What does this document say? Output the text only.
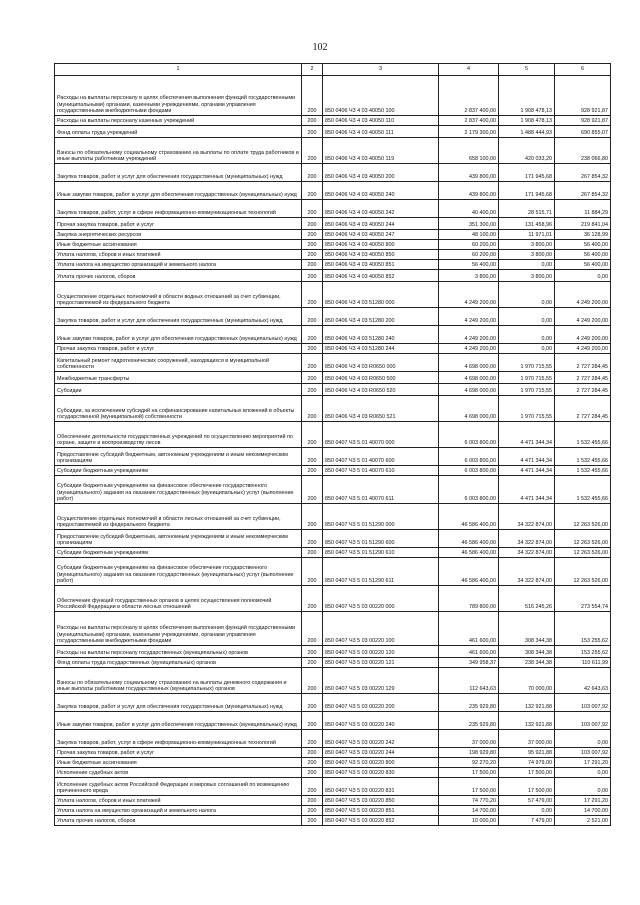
102
1	2	3	4	5	6
Расходы на выплаты персоналу в целях обеспечения выполнения функций государственными (муниципальными) органами, казенными учреждениями, органами управления государственными внебюджетными фондами	200	850 0406 Ч3 4 03 40050 100	2 837 400,00	1 908 478,13	928 921,87
Расходы на выплаты персоналу казенных учреждений	200	850 0406 Ч3 4 03 40050 110	2 837 400,00	1 908 478,13	928 921,87
Фонд оплаты труда учреждений	200	850 0406 Ч3 4 03 40050 111	2 179 300,00	1 488 444,93	690 855,07
Взносы по обязательному социальному страхованию на выплаты по оплате труда работников и иные выплаты работникам учреждений	200	850 0406 Ч3 4 03 40050 119	658 100,00	420 033,20	238 066,80
Закупка товаров, работ и услуг для обеспечения государственных (муниципальных) нужд	200	850 0406 Ч3 4 03 40050 200	439 800,00	171 945,68	267 854,32
Иные закупки товаров, работ и услуг для обеспечения государственных (муниципальных) нужд	200	850 0406 Ч3 4 03 40050 240	439 800,00	171 945,68	267 854,32
Закупка товаров, работ, услуг в сфере информационно-коммуникационных технологий	200	850 0406 Ч3 4 03 40050 242	40 400,00	28 515,71	11 884,29
Прочая закупка товаров, работ и услуг	200	850 0406 Ч3 4 03 40050 244	351 300,00	131 458,96	219 841,04
Закупка энергетических ресурсов	200	850 0406 Ч3 4 03 40050 247	48 100,00	11 971,01	36 128,99
Иные бюджетные ассигнования	200	850 0406 Ч3 4 03 40050 800	60 200,00	3 800,00	56 400,00
Уплата налогов, сборов и иных платежей	200	850 0406 Ч3 4 03 40050 850	60 200,00	3 800,00	56 400,00
Уплата налога на имущество организаций и земельного налога	200	850 0406 Ч3 4 03 40050 851	56 400,00	0,00	56 400,00
Уплата прочих налогов, сборов	200	850 0406 Ч3 4 03 40050 852	3 800,00	3 800,00	0,00
Осуществление отдельных полномочий в области водных отношений за счет субвенции, предоставляемой из федерального бюджета	200	850 0406 Ч3 4 03 51280 000	4 249 200,00	0,00	4 249 200,00
Закупка товаров, работ и услуг для обеспечения государственных (муниципальных) нужд	200	850 0406 Ч3 4 03 51280 200	4 249 200,00	0,00	4 249 200,00
Иные закупки товаров, работ и услуг для обеспечения государственных (муниципальных) нужд	200	850 0406 Ч3 4 03 51280 240	4 249 200,00	0,00	4 249 200,00
Прочая закупка товаров, работ и услуг	200	850 0406 Ч3 4 03 51280 244	4 249 200,00	0,00	4 249 200,00
Капитальный ремонт гидротехнических сооружений, находящихся в муниципальной собственности	200	850 0406 Ч3 4 03 R0650 000	4 698 000,00	1 970 715,55	2 727 284,45
Межбюджетные трансферты	200	850 0406 Ч3 4 03 R0650 500	4 698 000,00	1 970 715,55	2 727 284,45
Субсидии	200	850 0406 Ч3 4 03 R0650 520	4 698 000,00	1 970 715,55	2 727 284,45
Субсидии, за исключением субсидий на софинансирование капитальных вложений в объекты государственной (муниципальной) собственности	200	850 0406 Ч3 4 03 R0650 521	4 698 000,00	1 970 715,55	2 727 284,45
Обеспечение деятельности государственных учреждений по осуществлению мероприятий по охране, защите и воспроизводству лесов	200	850 0407 Ч3 5 01 40070 000	6 003 800,00	4 471 344,34	1 532 455,66
Предоставление субсидий бюджетным, автономным учреждениям и иным некоммерческим организациям	200	850 0407 Ч3 5 01 40070 600	6 003 800,00	4 471 344,34	1 532 455,66
Субсидии бюджетным учреждениям	200	850 0407 Ч3 5 01 40070 610	6 003 800,00	4 471 344,34	1 532 455,66
Субсидии бюджетным учреждениям на финансовое обеспечение государственного (муниципального) задания на оказание государственных (муниципальных) услуг (выполнение работ)	200	850 0407 Ч3 5 01 40070 611	6 003 800,00	4 471 344,34	1 532 455,66
Осуществление отдельных полномочий в области лесных отношений за счет субвенции, предоставляемой из федерального бюджета	200	850 0407 Ч3 5 01 51290 000	46 586 400,00	34 322 874,00	12 263 526,00
Предоставление субсидий бюджетным, автономным учреждениям и иным некоммерческим организациям	200	850 0407 Ч3 5 01 51290 600	46 586 400,00	34 322 874,00	12 263 526,00
Субсидии бюджетным учреждениям	200	850 0407 Ч3 5 01 51290 610	46 586 400,00	34 322 874,00	12 263 526,00
Субсидии бюджетным учреждениям на финансовое обеспечение государственного (муниципального) задания на оказание государственных (муниципальных) услуг (выполнение работ)	200	850 0407 Ч3 5 01 51290 611	46 586 400,00	34 322 874,00	12 263 526,00
Обеспечение функций государственных органов в целях осуществления полномочий Российской Федерации в области лесных отношений	200	850 0407 Ч3 5 03 00220 000	789 800,00	516 245,26	273 554,74
Расходы на выплаты персоналу в целях обеспечения выполнения функций государственными (муниципальными) органами, казенными учреждениями, органами управления государственными внебюджетными фондами	200	850 0407 Ч3 5 03 00220 100	461 600,00	308 344,38	153 255,62
Расходы на выплаты персоналу государственных (муниципальных) органов	200	850 0407 Ч3 5 03 00220 120	461 600,00	308 344,38	153 255,62
Фонд оплаты труда государственных (муниципальных) органов	200	850 0407 Ч3 5 03 00220 121	349 958,37	238 344,38	110 611,99
Взносы по обязательному социальному страхованию на выплаты денежного содержания и иные выплаты работникам государственных (муниципальных) органов	200	850 0407 Ч3 5 03 00220 129	112 643,63	70 000,00	42 643,63
Закупка товаров, работ и услуг для обеспечения государственных (муниципальных) нужд	200	850 0407 Ч3 5 03 00220 200	235 929,80	132 921,88	103 007,92
Иные закупки товаров, работ и услуг для обеспечения государственных (муниципальных) нужд	200	850 0407 Ч3 5 03 00220 240	235 929,80	132 921,88	103 007,92
Закупка товаров, работ, услуг в сфере информационно-коммуникационных технологий	200	850 0407 Ч3 5 03 00220 242	37 000,00	37 000,00	0,00
Прочая закупка товаров, работ и услуг	200	850 0407 Ч3 5 03 00220 244	198 929,80	95 921,88	103 007,92
Иные бюджетные ассигнования	200	850 0407 Ч3 5 03 00220 800	92 270,20	74 979,00	17 291,20
Исполнение судебных актов	200	850 0407 Ч3 5 03 00220 830	17 500,00	17 500,00	0,00
Исполнение судебных актов Российской Федерации и мировых соглашений по возмещению причиненного вреда	200	850 0407 Ч3 5 03 00220 831	17 500,00	17 500,00	0,00
Уплата налогов, сборов и иных платежей	200	850 0407 Ч3 5 03 00220 850	74 770,20	57 479,00	17 291,20
Уплата налога на имущество организаций и земельного налога	200	850 0407 Ч3 5 03 00220 851	14 700,00	0,00	14 700,00
Уплата прочих налогов, сборов	200	850 0407 Ч3 5 03 00220 852	10 000,00	7 479,00	2 521,00
